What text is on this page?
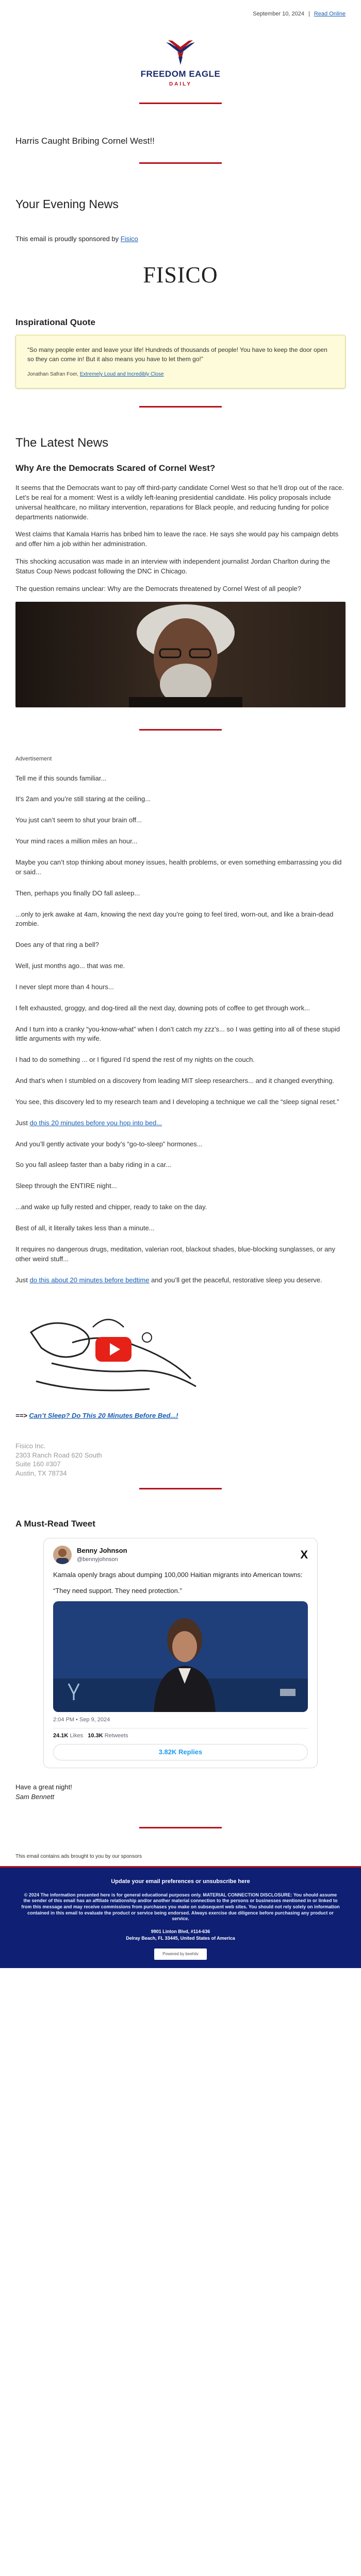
September 10, 2024 | Read Online
FREEDOM EAGLE
DAILY
Harris Caught Bribing Cornel West!!
Your Evening News

This email is proudly sponsored by Fisico

FISICO
Inspirational Quote
“So many people enter and leave your life! Hundreds of thousands of people! You have to keep the door open so they can come in! But it also means you have to let them go!”
Jonathan Safran Foer, Extremely Loud and Incredibly Close
The Latest News
Why Are the Democrats Scared of Cornel West?

It seems that the Democrats want to pay off third-party candidate Cornel West so that he’ll drop out of the race. Let’s be real for a moment: West is a wildly left-leaning presidential candidate. His policy proposals include universal healthcare, no military intervention, reparations for Black people, and reducing funding for police departments nationwide.

West claims that Kamala Harris has bribed him to leave the race. He says she would pay his campaign debts and offer him a job within her administration.

This shocking accusation was made in an interview with independent journalist Jordan Charlton during the Status Coup News podcast following the DNC in Chicago.

The question remains unclear: Why are the Democrats threatened by Cornel West of all people?

Advertisement

Tell me if this sounds familiar...

It’s 2am and you’re still staring at the ceiling...

You just can’t seem to shut your brain off...

Your mind races a million miles an hour...

Maybe you can’t stop thinking about money issues, health problems, or even something embarrassing you did or said...

Then, perhaps you finally DO fall asleep...

...only to jerk awake at 4am, knowing the next day you’re going to feel tired, worn-out, and like a brain-dead zombie.

Does any of that ring a bell?

Well, just months ago... that was me.

I never slept more than 4 hours...

I felt exhausted, groggy, and dog-tired all the next day, downing pots of coffee to get through work...

And I turn into a cranky “you-know-what” when I don’t catch my zzz’s... so I was getting into all of these stupid little arguments with my wife.

I had to do something ... or I figured I’d spend the rest of my nights on the couch.

And that’s when I stumbled on a discovery from leading MIT sleep researchers... and it changed everything.

You see, this discovery led to my research team and I developing a technique we call the “sleep signal reset.”

Just do this 20 minutes before you hop into bed...

And you’ll gently activate your body’s “go-to-sleep” hormones...

So you fall asleep faster than a baby riding in a car...

Sleep through the ENTIRE night...

...and wake up fully rested and chipper, ready to take on the day.

Best of all, it literally takes less than a minute...

It requires no dangerous drugs, meditation, valerian root, blackout shades, blue-blocking sunglasses, or any other weird stuff...

Just do this about 20 minutes before bedtime and you’ll get the peaceful, restorative sleep you deserve.

==> Can’t Sleep? Do This 20 Minutes Before Bed...!

Fisico Inc.
2303 Ranch Road 620 South
Suite 160 #307
Austin, TX 78734
A Must-Read Tweet
Benny Johnson
@bennyjohnson	X

Kamala openly brags about dumping 100,000 Haitian migrants into American towns:

“They need support. They need protection.”

2:04 PM • Sep 9, 2024
24.1K Likes 10.3K Retweets
3.82K Replies
Have a great night!
Sam Bennett

This email contains ads brought to you by our sponsors

Update your email preferences or unsubscribe here
© 2024 The information presented here is for general educational purposes only. MATERIAL CONNECTION DISCLOSURE: You should assume the sender of this email has an affiliate relationship and/or another material connection to the persons or businesses mentioned in or linked to from this message and may receive commissions from purchases you make on subsequent web sites. You should not rely solely on information contained in this email to evaluate the product or service being endorsed. Always exercise due diligence before purchasing any product or service.
9901 Linton Blvd, #114-636
Delray Beach, FL 33445, United States of America
Powered by beehiiv
